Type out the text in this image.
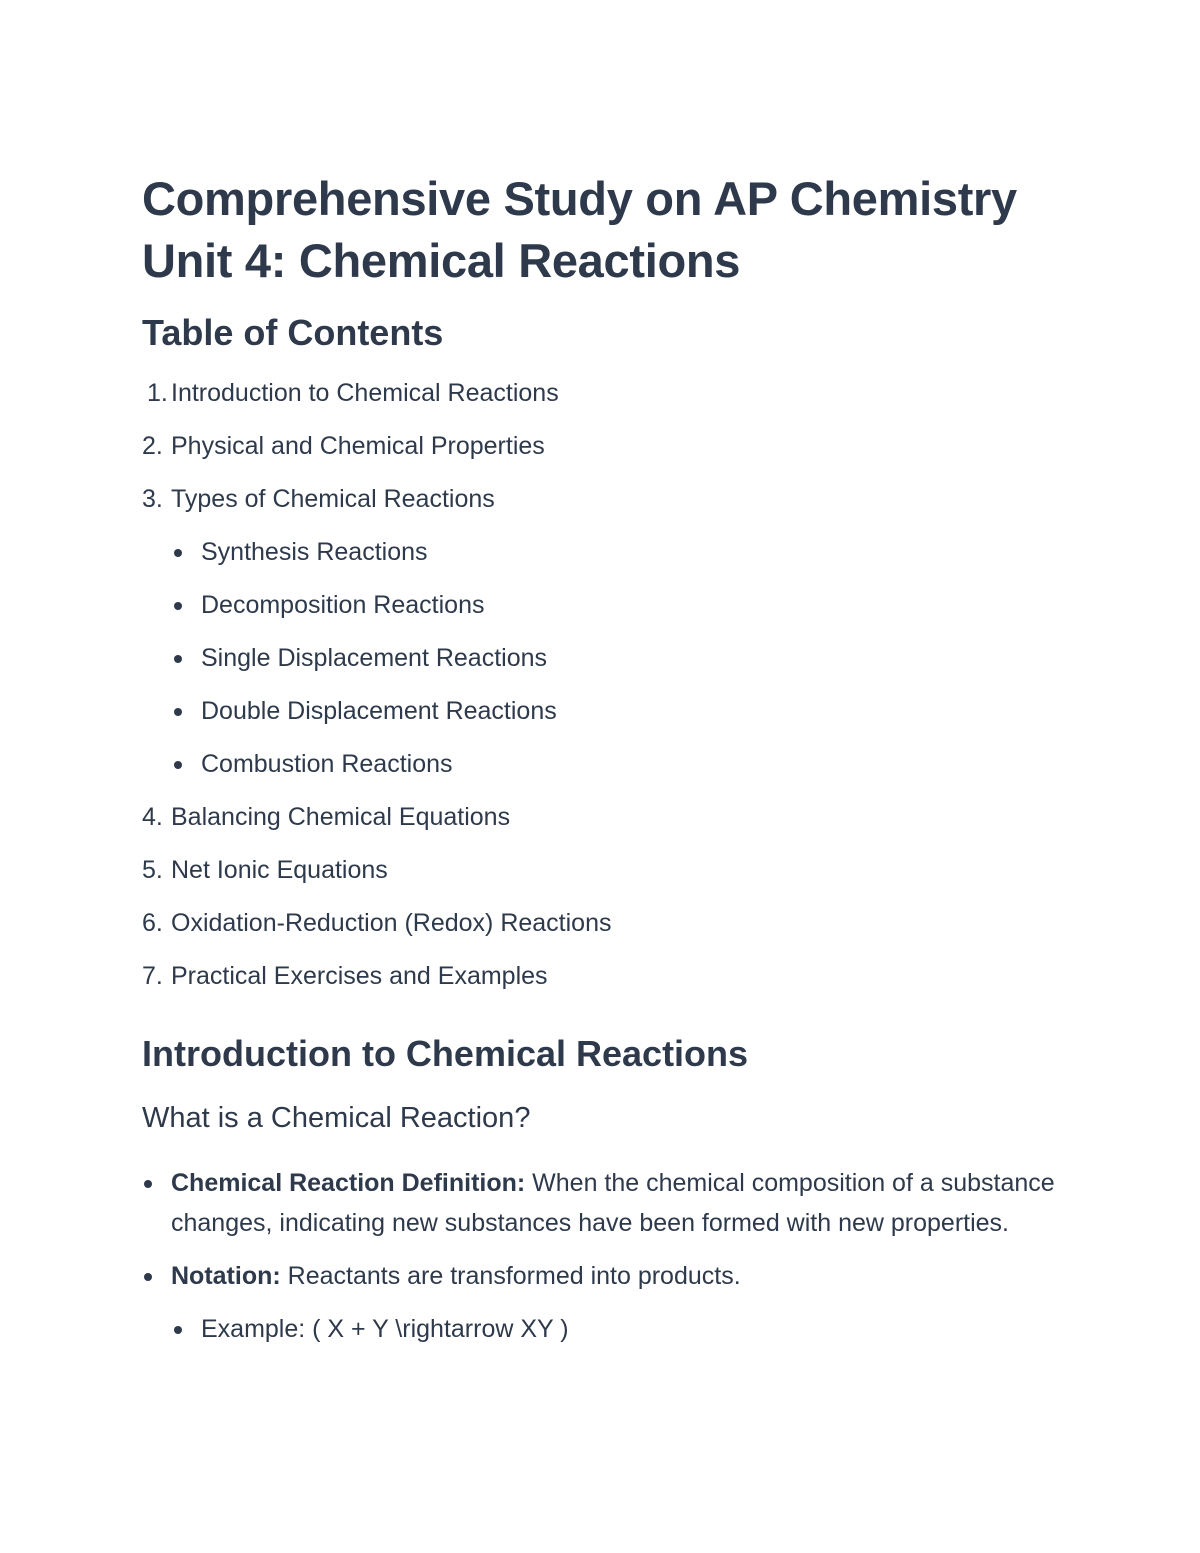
Comprehensive Study on AP Chemistry
Unit 4: Chemical Reactions
Table of Contents
1. Introduction to Chemical Reactions
2. Physical and Chemical Properties
3. Types of Chemical Reactions
Synthesis Reactions
Decomposition Reactions
Single Displacement Reactions
Double Displacement Reactions
Combustion Reactions
4. Balancing Chemical Equations
5. Net Ionic Equations
6. Oxidation-Reduction (Redox) Reactions
7. Practical Exercises and Examples
Introduction to Chemical Reactions
What is a Chemical Reaction?
Chemical Reaction Definition: When the chemical composition of a substance changes, indicating new substances have been formed with new properties.
Notation: Reactants are transformed into products.
Example: ( X + Y \rightarrow XY )
